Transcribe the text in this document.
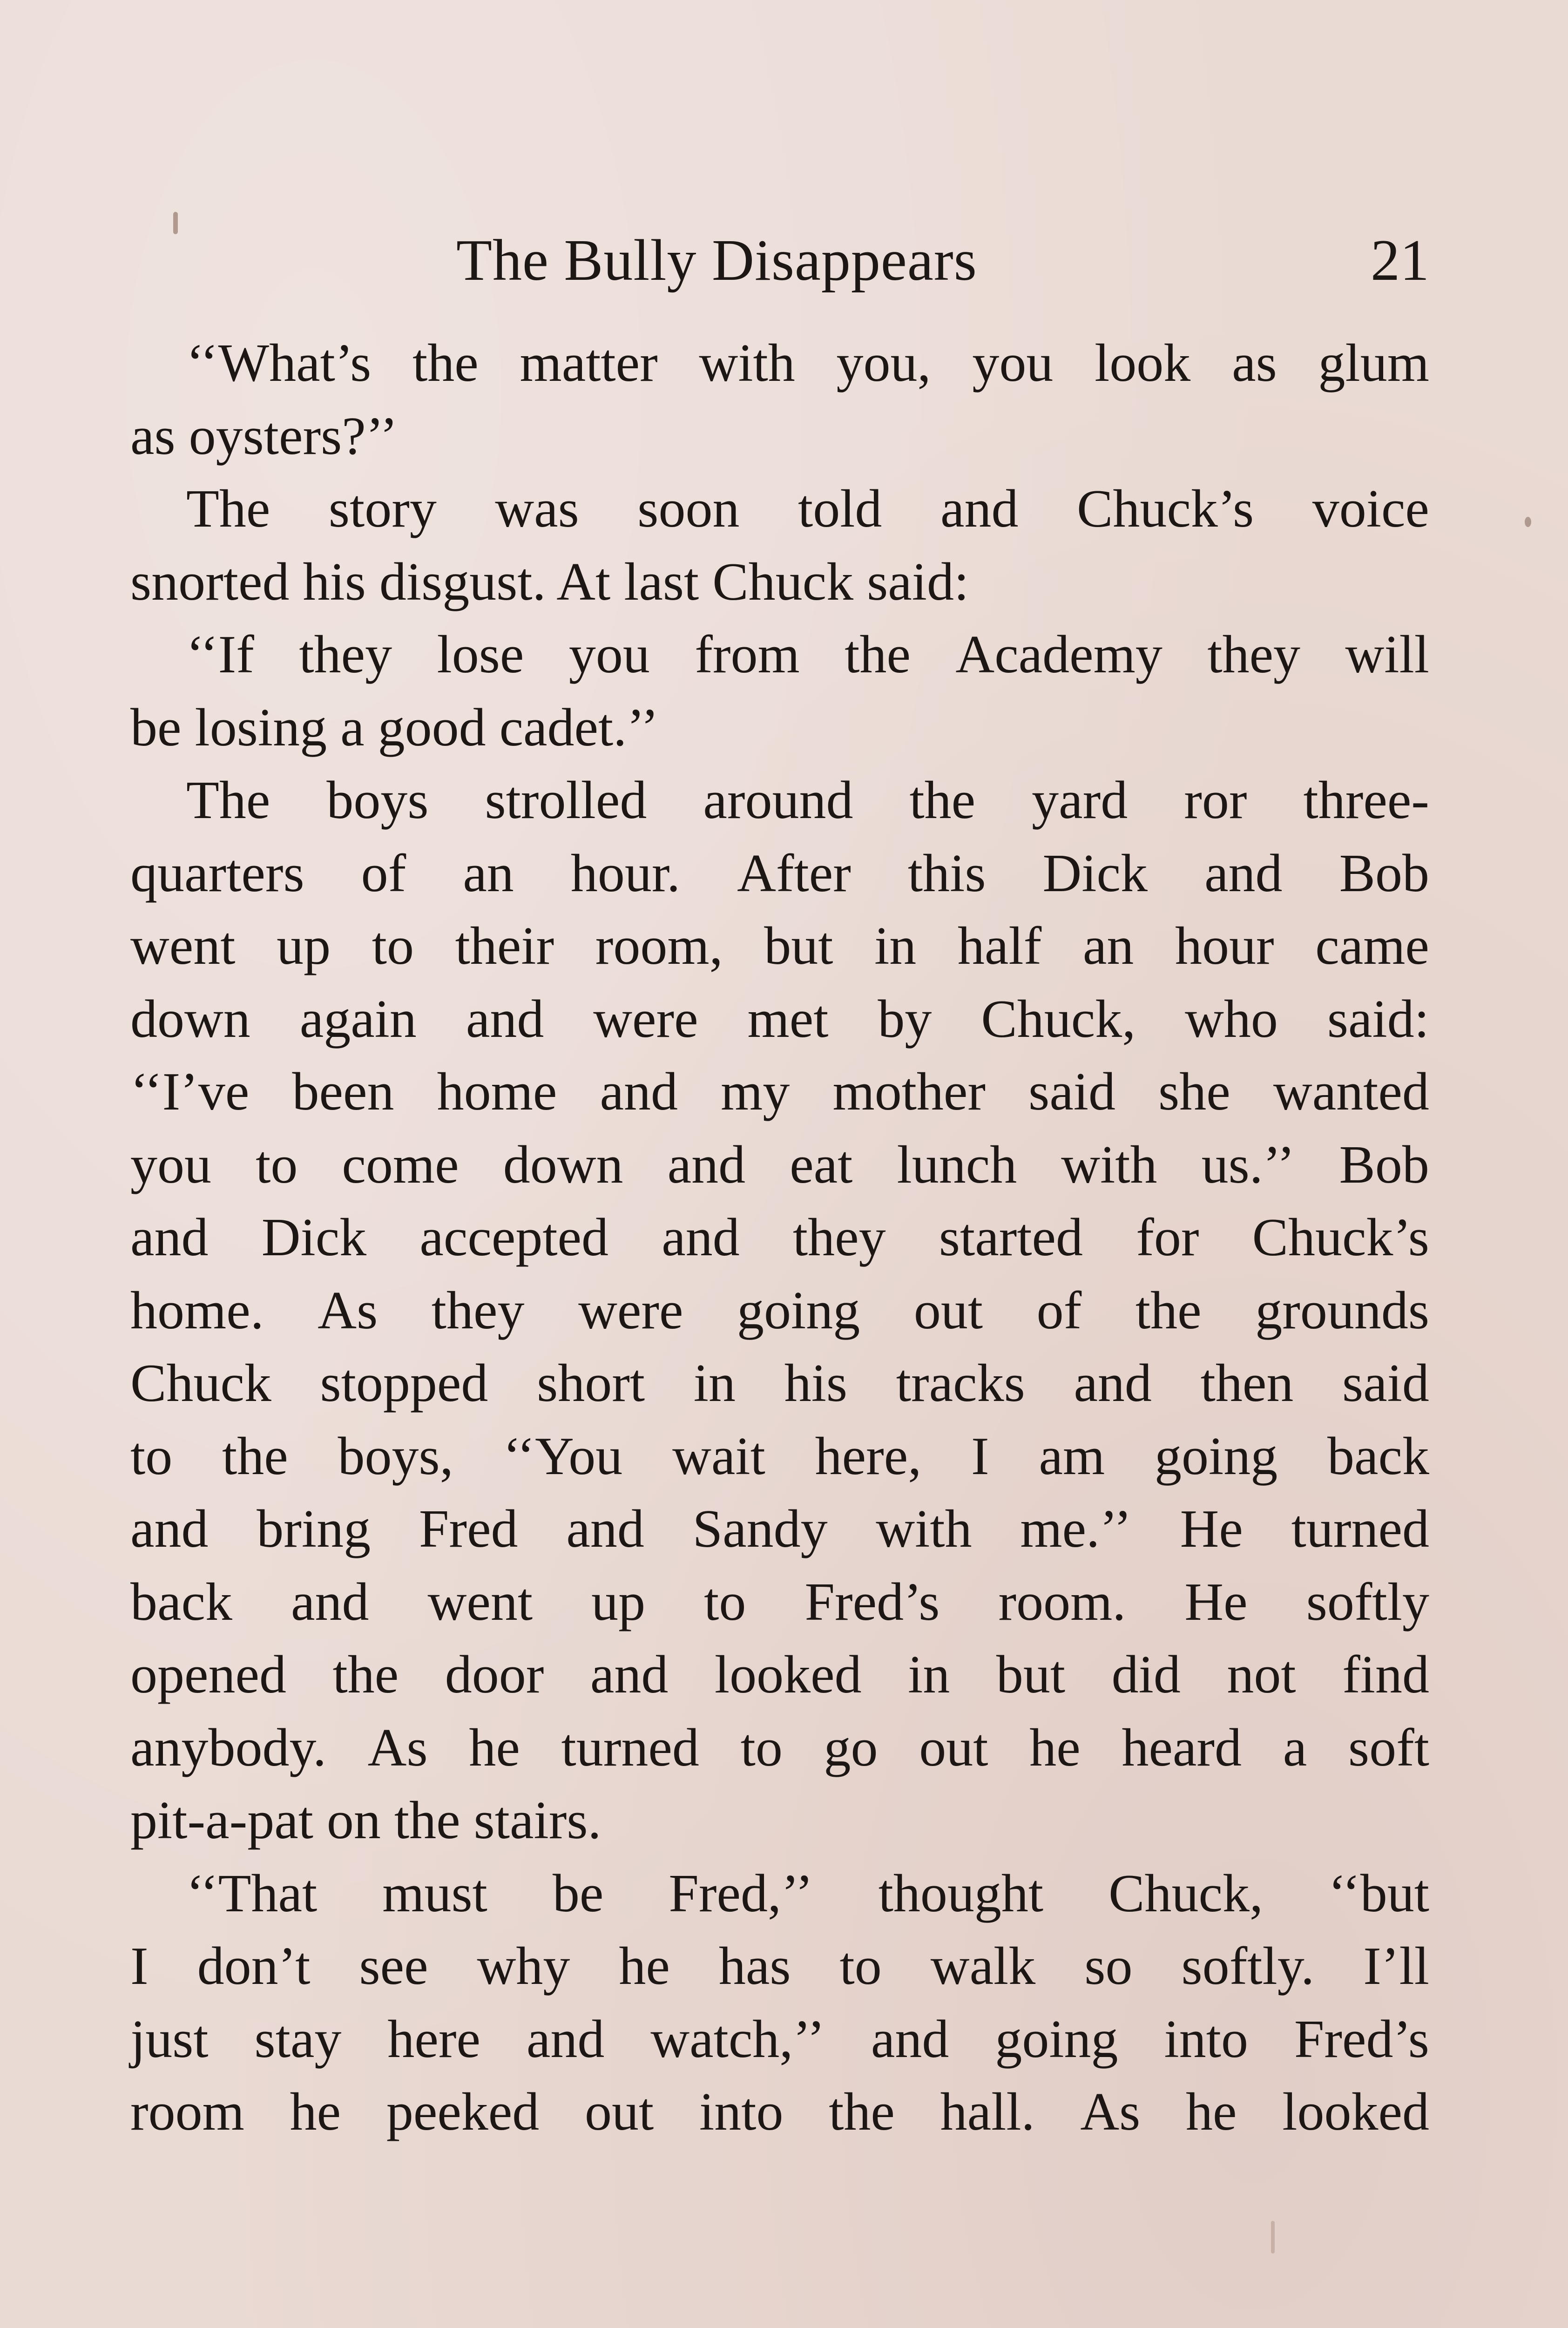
The Bully Disappears	21
‘‘What’s the matter with you, you look as glum
as oysters?’’
The story was soon told and Chuck’s voice
snorted his disgust. At last Chuck said:
‘‘If they lose you from the Academy they will
be losing a good cadet.’’
The boys strolled around the yard ror three-
quarters of an hour. After this Dick and Bob
went up to their room, but in half an hour came
down again and were met by Chuck, who said:
‘‘I’ve been home and my mother said she wanted
you to come down and eat lunch with us.’’ Bob
and Dick accepted and they started for Chuck’s
home. As they were going out of the grounds
Chuck stopped short in his tracks and then said
to the boys, ‘‘You wait here, I am going back
and bring Fred and Sandy with me.’’ He turned
back and went up to Fred’s room. He softly
opened the door and looked in but did not find
anybody. As he turned to go out he heard a soft
pit-a-pat on the stairs.
‘‘That must be Fred,’’ thought Chuck, ‘‘but
I don’t see why he has to walk so softly. I’ll
just stay here and watch,’’ and going into Fred’s
room he peeked out into the hall. As he looked
